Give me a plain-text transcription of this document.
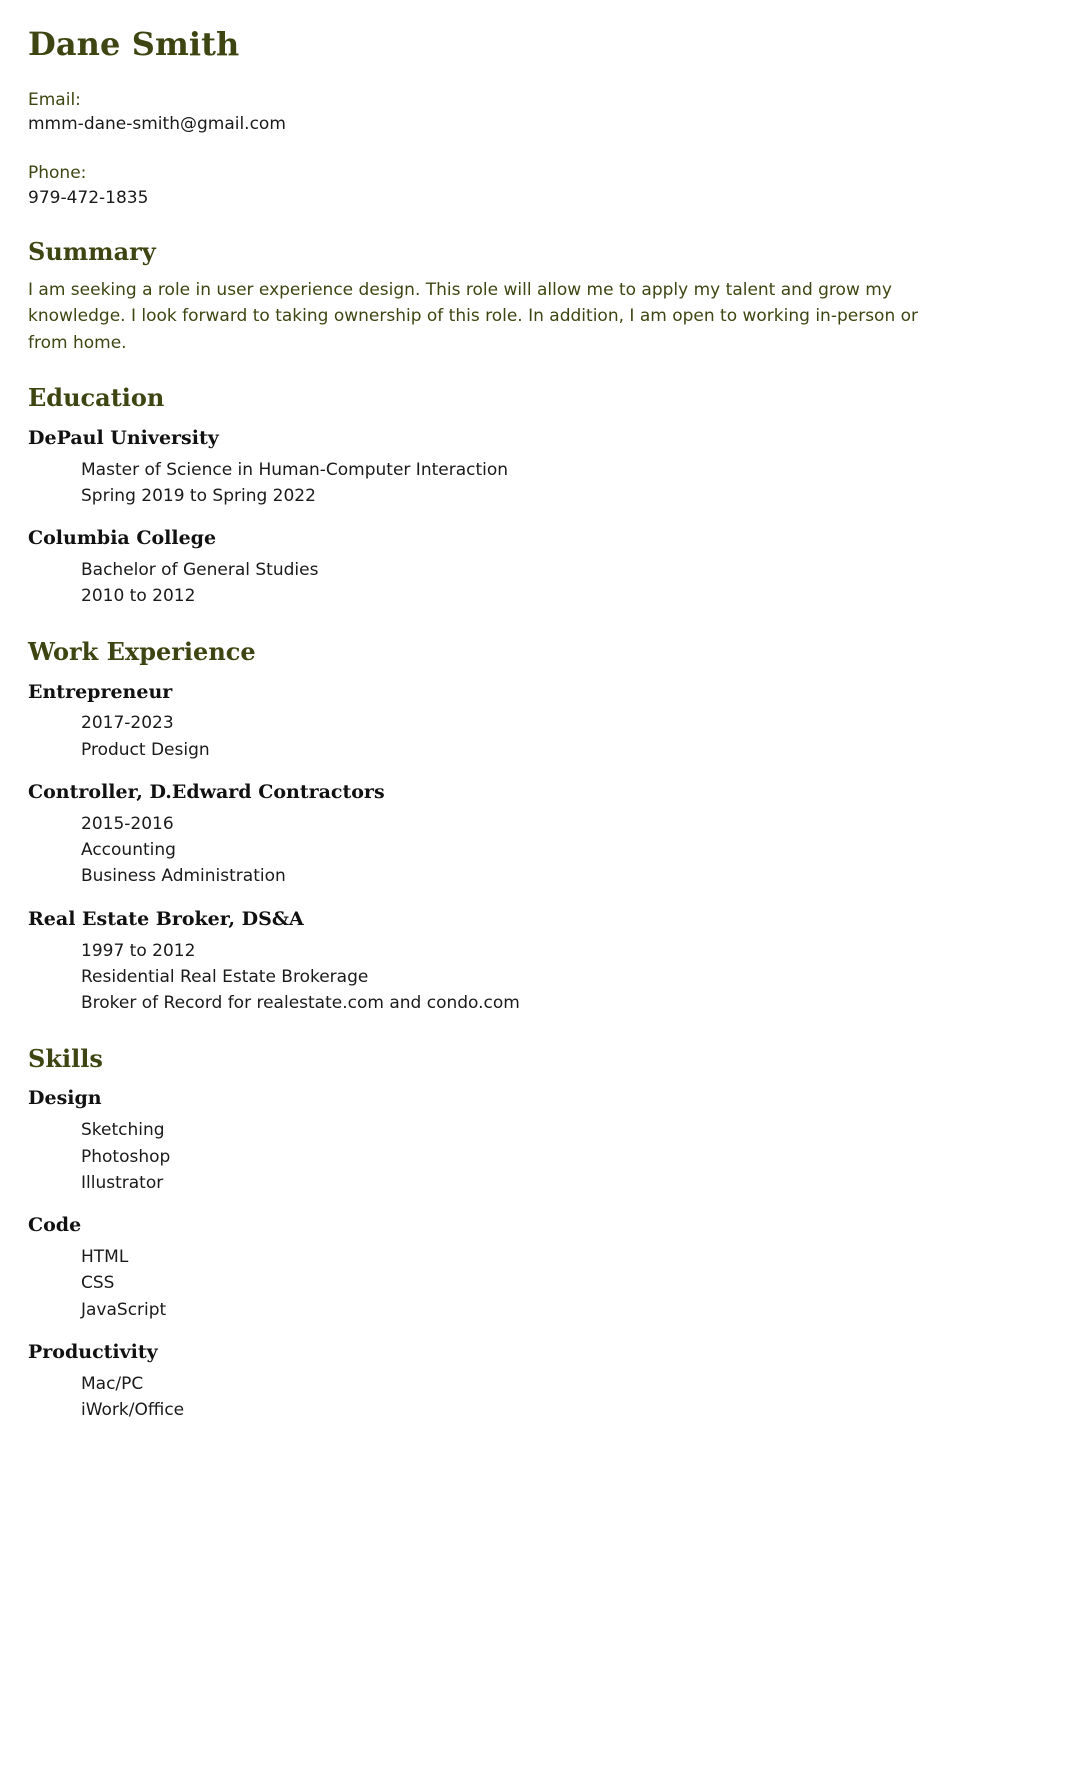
Dane Smith
Email:
mmm-dane-smith@gmail.com
Phone:
979-472-1835
Summary

I am seeking a role in user experience design. This role will allow me to apply my talent and grow my knowledge. I look forward to taking ownership of this role. In addition, I am open to working in-person or from home.

Education
DePaul University
Master of Science in Human-Computer Interaction
Spring 2019 to Spring 2022
Columbia College
Bachelor of General Studies
2010 to 2012
Work Experience
Entrepreneur
2017-2023
Product Design
Controller, D.Edward Contractors
2015-2016
Accounting
Business Administration
Real Estate Broker, DS&A
1997 to 2012
Residential Real Estate Brokerage
Broker of Record for realestate.com and condo.com
Skills
Design
Sketching
Photoshop
Illustrator
Code
HTML
CSS
JavaScript
Productivity
Mac/PC
iWork/Office
